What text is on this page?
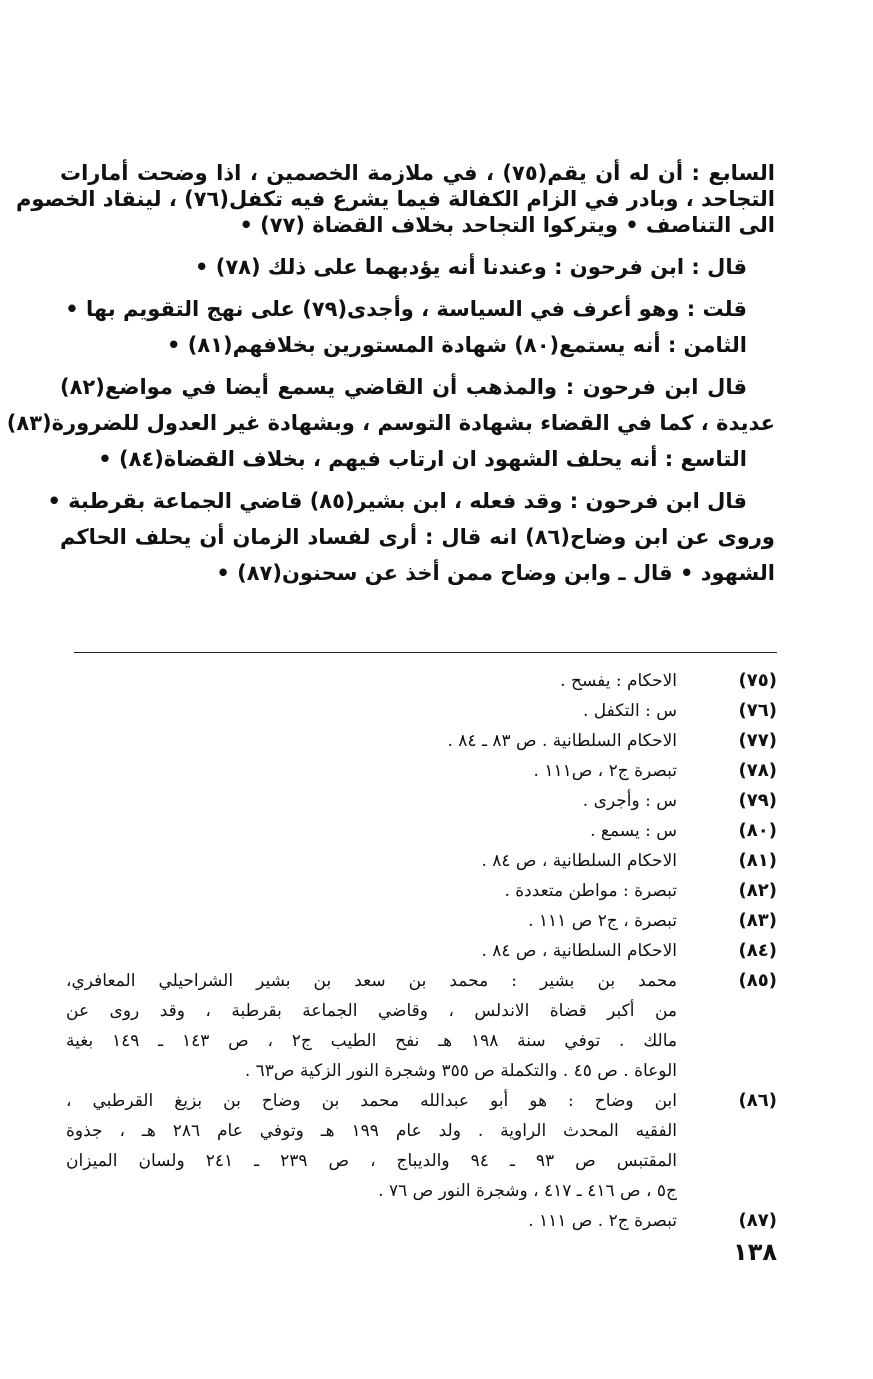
السابع : أن له أن يقم(٧٥) ، في ملازمة الخصمين ، اذا وضحت أمارات
التجاحد ، وبادر في الزام الكفالة فيما يشرع فيه تكفل(٧٦) ، لينقاد الخصوم
الى التناصف • ويتركوا التجاحد بخلاف القضاة (٧٧) •
قال : ابن فرحون : وعندنا أنه يؤدبهما على ذلك (٧٨) •
قلت : وهو أعرف في السياسة ، وأجدى(٧٩) على نهج التقويم بها •
الثامن : أنه يستمع(٨٠) شهادة المستورين بخلافهم(٨١) •
قال ابن فرحون : والمذهب أن القاضي يسمع أيضا في مواضع(٨٢)
عديدة ، كما في القضاء بشهادة التوسم ، وبشهادة غير العدول للضرورة(٨٣)
التاسع : أنه يحلف الشهود ان ارتاب فيهم ، بخلاف القضاة(٨٤) •
قال ابن فرحون : وقد فعله ، ابن بشير(٨٥) قاضي الجماعة بقرطبة •
وروى عن ابن وضاح(٨٦) انه قال : أرى لفساد الزمان أن يحلف الحاكم
الشهود • قال ـ وابن وضاح ممن أخذ عن سحنون(٨٧) •
(٧٥)
الاحكام : يفسح .
(٧٦)
س : التكفل .
(٧٧)
الاحكام السلطانية . ص ٨٣ ـ ٨٤ .
(٧٨)
تبصرة ج٢ ، ص١١١ .
(٧٩)
س : وأجرى .
(٨٠)
س : يسمع .
(٨١)
الاحكام السلطانية ، ص ٨٤ .
(٨٢)
تبصرة : مواطن متعددة .
(٨٣)
تبصرة ، ج٢ ص ١١١ .
(٨٤)
الاحكام السلطانية ، ص ٨٤ .
(٨٥)
محمد بن بشير : محمد بن سعد بن بشير الشراحيلي المعافري،
من أكبر قضاة الاندلس ، وقاضي الجماعة بقرطبة ، وقد روى عن
مالك . توفي سنة ١٩٨ هـ نفح الطيب ج٢ ، ص ١٤٣ ـ ١٤٩ بغية
الوعاة . ص ٤٥ . والتكملة ص ٣٥٥ وشجرة النور الزكية ص٦٣ .
(٨٦)
ابن وضاح : هو أبو عبدالله محمد بن وضاح بن بزيغ القرطبي ،
الفقيه المحدث الراوية . ولد عام ١٩٩ هـ وتوفي عام ٢٨٦ هـ ، جذوة
المقتبس ص ٩٣ ـ ٩٤ والديباج ، ص ٢٣٩ ـ ٢٤١ ولسان الميزان
ج٥ ، ص ٤١٦ ـ ٤١٧ ، وشجرة النور ص ٧٦ .
(٨٧)
تبصرة ج٢ . ص ١١١ .
١٣٨
